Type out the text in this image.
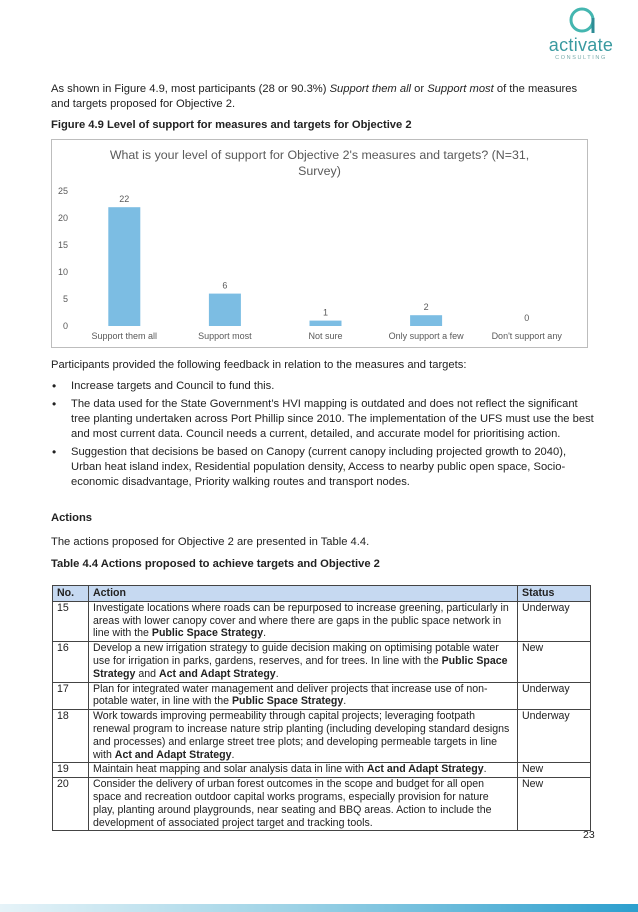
activate
CONSULTING
As shown in Figure 4.9, most participants (28 or 90.3%) Support them all or Support most of the measures and targets proposed for Objective 2.
Figure 4.9 Level of support for measures and targets for Objective 2
What is your level of support for Objective 2's measures and targets? (N=31,
Survey)
0
5
10
15
20
25
22
Support them all
6
Support most
1
Not sure
2
Only support a few
0
Don't support any
Participants provided the following feedback in relation to the measures and targets:
• Increase targets and Council to fund this.
• The data used for the State Government’s HVI mapping is outdated and does not reflect the significant tree planting undertaken across Port Phillip since 2010. The implementation of the UFS must use the best and most current data. Council needs a current, detailed, and accurate model for prioritising action.
• Suggestion that decisions be based on Canopy (current canopy including projected growth to 2040), Urban heat island index, Residential population density, Access to nearby public open space, Socio-economic disadvantage, Priority walking routes and transport nodes.
Actions
The actions proposed for Objective 2 are presented in Table 4.4.
Table 4.4 Actions proposed to achieve targets and Objective 2
No.	Action	Status
15	Investigate locations where roads can be repurposed to increase greening, particularly in areas with lower canopy cover and where there are gaps in the public space network in line with the Public Space Strategy.	Underway
16	Develop a new irrigation strategy to guide decision making on optimising potable water use for irrigation in parks, gardens, reserves, and for trees. In line with the Public Space Strategy and Act and Adapt Strategy.	New
17	Plan for integrated water management and deliver projects that increase use of non-potable water, in line with the Public Space Strategy.	Underway
18	Work towards improving permeability through capital projects; leveraging footpath renewal program to increase nature strip planting (including developing standard designs and processes) and enlarge street tree plots; and developing permeable targets in line with Act and Adapt Strategy.	Underway
19	Maintain heat mapping and solar analysis data in line with Act and Adapt Strategy.	New
20	Consider the delivery of urban forest outcomes in the scope and budget for all open space and recreation outdoor capital works programs, especially provision for nature play, planting around playgrounds, near seating and BBQ areas. Action to include the development of associated project target and tracking tools.	New
23
